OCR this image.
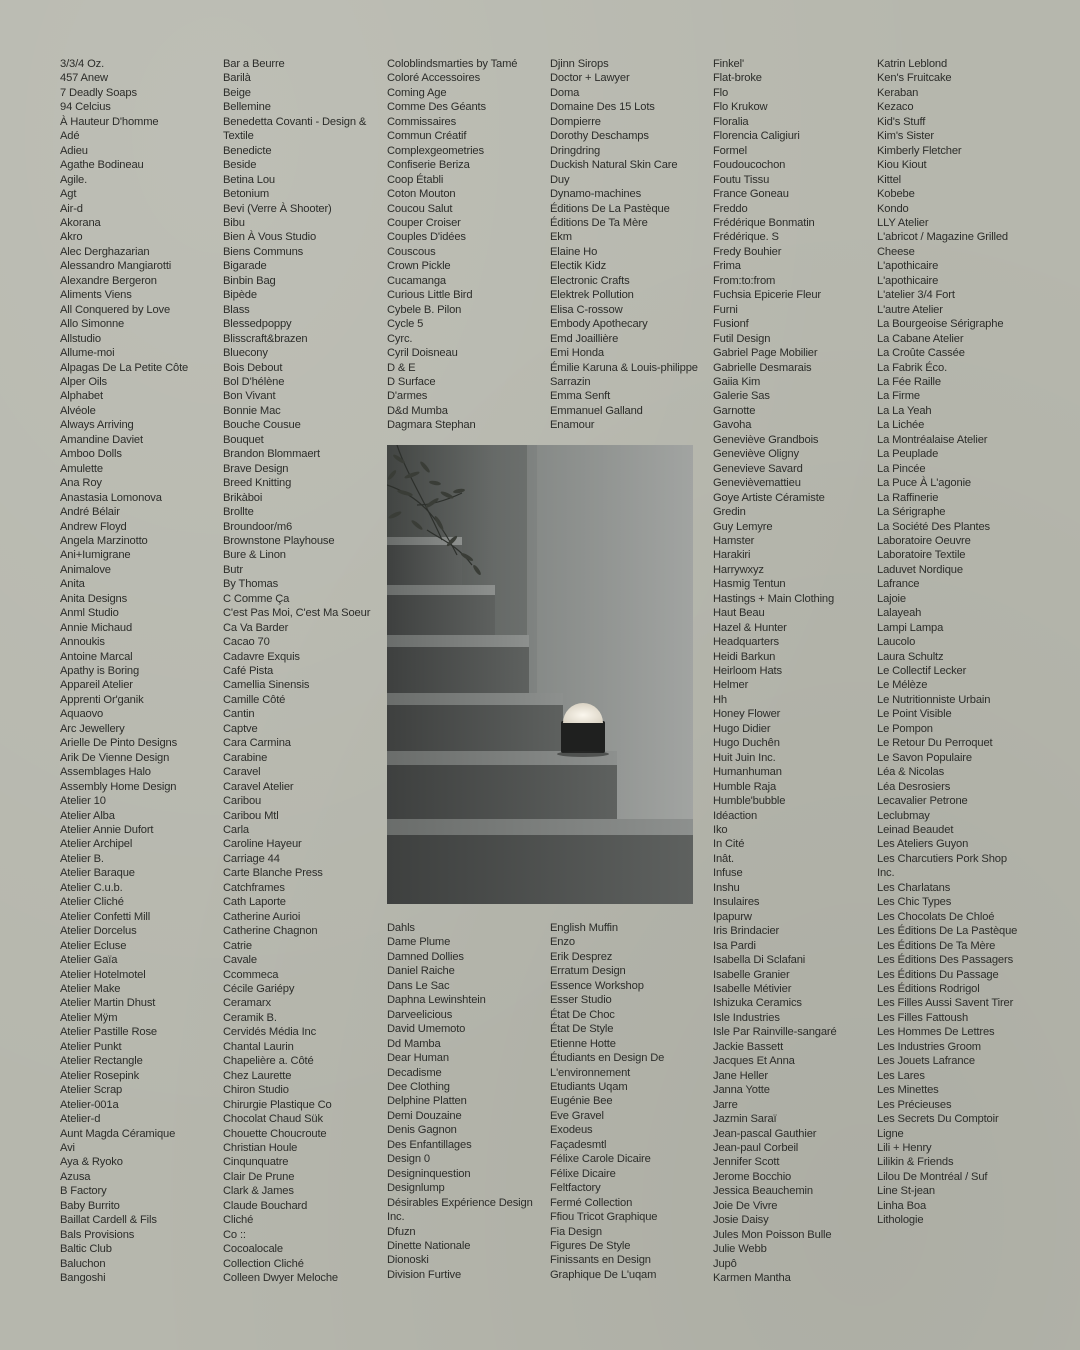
3/3/4 Oz.
457 Anew
7 Deadly Soaps
94 Celcius
À Hauteur D'homme
Adé
Adieu
Agathe Bodineau
Agile.
Agt
Air-d
Akorana
Akro
Alec Derghazarian
Alessandro Mangiarotti
Alexandre Bergeron
Aliments Viens
All Conquered by Love
Allo Simonne
Allstudio
Allume-moi
Alpagas De La Petite Côte
Alper Oils
Alphabet
Alvéole
Always Arriving
Amandine Daviet
Amboo Dolls
Amulette
Ana Roy
Anastasia Lomonova
André Bélair
Andrew Floyd
Angela Marzinotto
Ani+Iumigrane
Animalove
Anita
Anita Designs
Anml Studio
Annie Michaud
Annoukis
Antoine Marcal
Apathy is Boring
Appareil Atelier
Apprenti Or'ganik
Aquaovo
Arc Jewellery
Arielle De Pinto Designs
Arik De Vienne Design
Assemblages Halo
Assembly Home Design
Atelier 10
Atelier Alba
Atelier Annie Dufort
Atelier Archipel
Atelier B.
Atelier Baraque
Atelier C.u.b.
Atelier Cliché
Atelier Confetti Mill
Atelier Dorcelus
Atelier Ecluse
Atelier Gaïa
Atelier Hotelmotel
Atelier Make
Atelier Martin Dhust
Atelier Mÿm
Atelier Pastille Rose
Atelier Punkt
Atelier Rectangle
Atelier Rosepink
Atelier Scrap
Atelier-001a
Atelier-d
Aunt Magda Céramique
Avi
Aya & Ryoko
Azusa
B Factory
Baby Burrito
Baillat Cardell & Fils
Bals Provisions
Baltic Club
Baluchon
Bangoshi
Bar a Beurre
Barilà
Beige
Bellemine
Benedetta Covanti - Design & Textile
Benedicte
Beside
Betina Lou
Betonium
Bevi (Verre À Shooter)
Bibu
Bien À Vous Studio
Biens Communs
Bigarade
Binbin Bag
Bipède
Blass
Blessedpoppy
Blisscraft&brazen
Bluecony
Bois Debout
Bol D'hélène
Bon Vivant
Bonnie Mac
Bouche Cousue
Bouquet
Brandon Blommaert
Brave Design
Breed Knitting
Brikàboi
Brollte
Broundoor/m6
Brownstone Playhouse
Bure & Linon
Butr
By Thomas
C Comme Ça
C'est Pas Moi, C'est Ma Soeur
Ca Va Barder
Cacao 70
Cadavre Exquis
Café Pista
Camellia Sinensis
Camille Côté
Cantin
Captve
Cara Carmina
Carabine
Caravel
Caravel Atelier
Caribou
Caribou Mtl
Carla
Caroline Hayeur
Carriage 44
Carte Blanche Press
Catchframes
Cath Laporte
Catherine Aurioi
Catherine Chagnon
Catrie
Cavale
Ccommeca
Cécile Gariépy
Ceramarx
Ceramik B.
Cervidés Média Inc
Chantal Laurin
Chapelière a. Côté
Chez Laurette
Chiron Studio
Chirurgie Plastique Co
Chocolat Chaud Sük
Chouette Choucroute
Christian Houle
Cinqunquatre
Clair De Prune
Clark & James
Claude Bouchard
Cliché
Co ::
Cocoalocale
Collection Cliché
Colleen Dwyer Meloche
Coloblindsmarties by Tamé
Coloré Accessoires
Coming Age
Comme Des Géants
Commissaires
Commun Créatif
Complexgeometries
Confiserie Beriza
Coop Établi
Coton Mouton
Coucou Salut
Couper Croiser
Couples D'idées
Couscous
Crown Pickle
Cucamanga
Curious Little Bird
Cybele B. Pilon
Cycle 5
Cyrc.
Cyril Doisneau
D & E
D Surface
D'armes
D&d Mumba
Dagmara Stephan
Djinn Sirops
Doctor + Lawyer
Doma
Domaine Des 15 Lots
Dompierre
Dorothy Deschamps
Dringdring
Duckish Natural Skin Care
Duy
Dynamo-machines
Éditions De La Pastèque
Éditions De Ta Mère
Ekm
Elaine Ho
Electik Kidz
Electronic Crafts
Elektrek Pollution
Elisa C-rossow
Embody Apothecary
Emd Joaillière
Emi Honda
Émilie Karuna & Louis-philippe Sarrazin
Emma Senft
Emmanuel Galland
Enamour
Dahls
Dame Plume
Damned Dollies
Daniel Raiche
Dans Le Sac
Daphna Lewinshtein
Darveelicious
David Umemoto
Dd Mamba
Dear Human
Decadisme
Dee Clothing
Delphine Platten
Demi Douzaine
Denis Gagnon
Des Enfantillages
Design 0
Designinquestion
Designlump
Désirables Expérience Design Inc.
Dfuzn
Dinette Nationale
Dionoski
Division Furtive
English Muffin
Enzo
Erik Desprez
Erratum Design
Essence Workshop
Esser Studio
État De Choc
État De Style
Etienne Hotte
Étudiants en Design De L'environnement
Etudiants Uqam
Eugénie Bee
Eve Gravel
Exodeus
Façadesmtl
Félixe Carole Dicaire
Félixe Dicaire
Feltfactory
Fermé Collection
Ffiou Tricot Graphique
Fia Design
Figures De Style
Finissants en Design
Graphique De L'uqam
Finkel'
Flat-broke
Flo
Flo Krukow
Floralia
Florencia Caligiuri
Formel
Foudoucochon
Foutu Tissu
France Goneau
Freddo
Frédérique Bonmatin
Frédérique. S
Fredy Bouhier
Frima
From:to:from
Fuchsia Epicerie Fleur
Furni
Fusionf
Futil Design
Gabriel Page Mobilier
Gabrielle Desmarais
Gaiia Kim
Galerie Sas
Garnotte
Gavoha
Geneviève Grandbois
Geneviève Oligny
Genevieve Savard
Genevièvemattieu
Goye Artiste Céramiste
Gredin
Guy Lemyre
Hamster
Harakiri
Harrywxyz
Hasmig Tentun
Hastings + Main Clothing
Haut Beau
Hazel & Hunter
Headquarters
Heidi Barkun
Heirloom Hats
Helmer
Hh
Honey Flower
Hugo Didier
Hugo Duchên
Huit Juin Inc.
Humanhuman
Humble Raja
Humble'bubble
Idéaction
Iko
In Cité
Inât.
Infuse
Inshu
Insulaires
Ipapurw
Iris Brindacier
Isa Pardi
Isabella Di Sclafani
Isabelle Granier
Isabelle Métivier
Ishizuka Ceramics
Isle Industries
Isle Par Rainville-sangaré
Jackie Bassett
Jacques Et Anna
Jane Heller
Janna Yotte
Jarre
Jazmin Saraï
Jean-pascal Gauthier
Jean-paul Corbeil
Jennifer Scott
Jerome Bocchio
Jessica Beauchemin
Joie De Vivre
Josie Daisy
Jules Mon Poisson Bulle
Julie Webb
Jupô
Karmen Mantha
Katrin Leblond
Ken's Fruitcake
Keraban
Kezaco
Kid's Stuff
Kim's Sister
Kimberly Fletcher
Kiou Kiout
Kittel
Kobebe
Kondo
LLY Atelier
L'abricot / Magazine Grilled Cheese
L'apothicaire
L'apothicaire
L'atelier 3/4 Fort
L'autre Atelier
La Bourgeoise Sérigraphe
La Cabane Atelier
La Croûte Cassée
La Fabrik Éco.
La Fée Raille
La Firme
La La Yeah
La Lichée
La Montréalaise Atelier
La Peuplade
La Pincée
La Puce À L'agonie
La Raffinerie
La Sérigraphe
La Société Des Plantes
Laboratoire Oeuvre
Laboratoire Textile
Laduvet Nordique
Lafrance
Lajoie
Lalayeah
Lampi Lampa
Laucolo
Laura Schultz
Le Collectif Lecker
Le Mélèze
Le Nutritionniste Urbain
Le Point Visible
Le Pompon
Le Retour Du Perroquet
Le Savon Populaire
Léa & Nicolas
Léa Desrosiers
Lecavalier Petrone
Leclubmay
Leinad Beaudet
Les Ateliers Guyon
Les Charcutiers Pork Shop Inc.
Les Charlatans
Les Chic Types
Les Chocolats De Chloé
Les Éditions De La Pastèque
Les Éditions De Ta Mère
Les Éditions Des Passagers
Les Éditions Du Passage
Les Éditions Rodrigol
Les Filles Aussi Savent Tirer
Les Filles Fattoush
Les Hommes De Lettres
Les Industries Groom
Les Jouets Lafrance
Les Lares
Les Minettes
Les Précieuses
Les Secrets Du Comptoir
Ligne
Lili + Henry
Lilikin & Friends
Lilou De Montréal / Suf
Line St-jean
Linha Boa
Lithologie
